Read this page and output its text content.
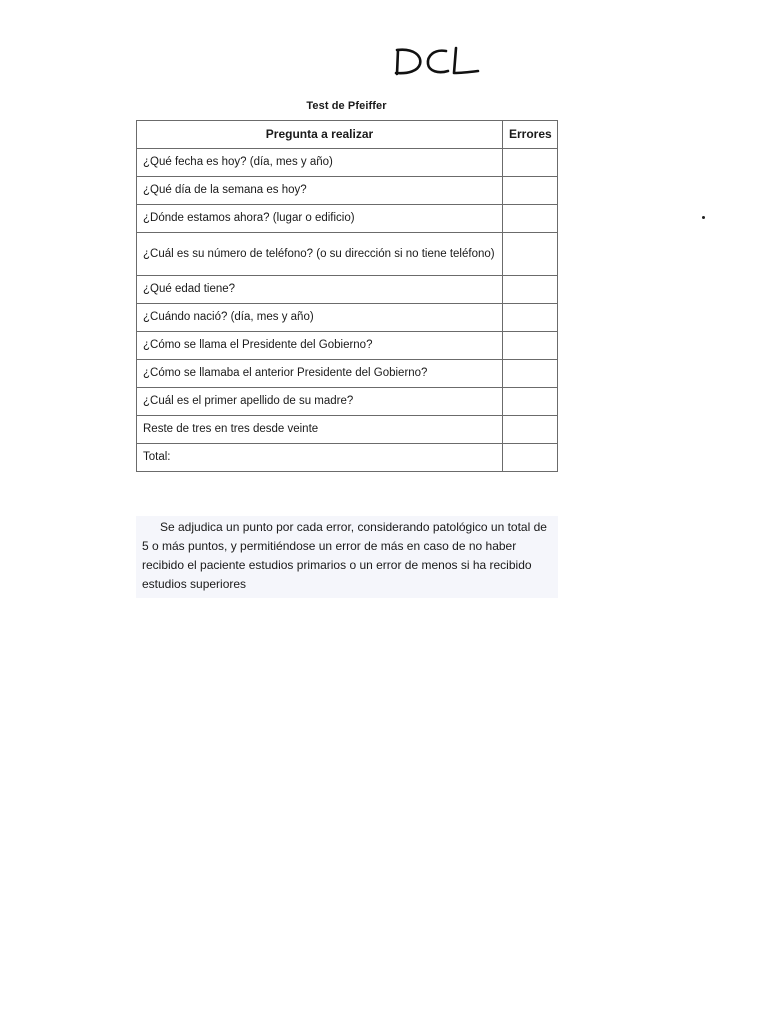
Test de Pfeiffer
Pregunta a realizar	Errores
¿Qué fecha es hoy? (día, mes y año)	
¿Qué día de la semana es hoy?	
¿Dónde estamos ahora? (lugar o edificio)	
¿Cuál es su número de teléfono? (o su dirección si no tiene teléfono)	
¿Qué edad tiene?	
¿Cuándo nació? (día, mes y año)	
¿Cómo se llama el Presidente del Gobierno?	
¿Cómo se llamaba el anterior Presidente del Gobierno?	
¿Cuál es el primer apellido de su madre?	
Reste de tres en tres desde veinte	
Total:	
Se adjudica un punto por cada error, considerando patológico un total de 5 o más puntos, y permitiéndose un error de más en caso de no haber recibido el paciente estudios primarios o un error de menos si ha recibido estudios superiores
